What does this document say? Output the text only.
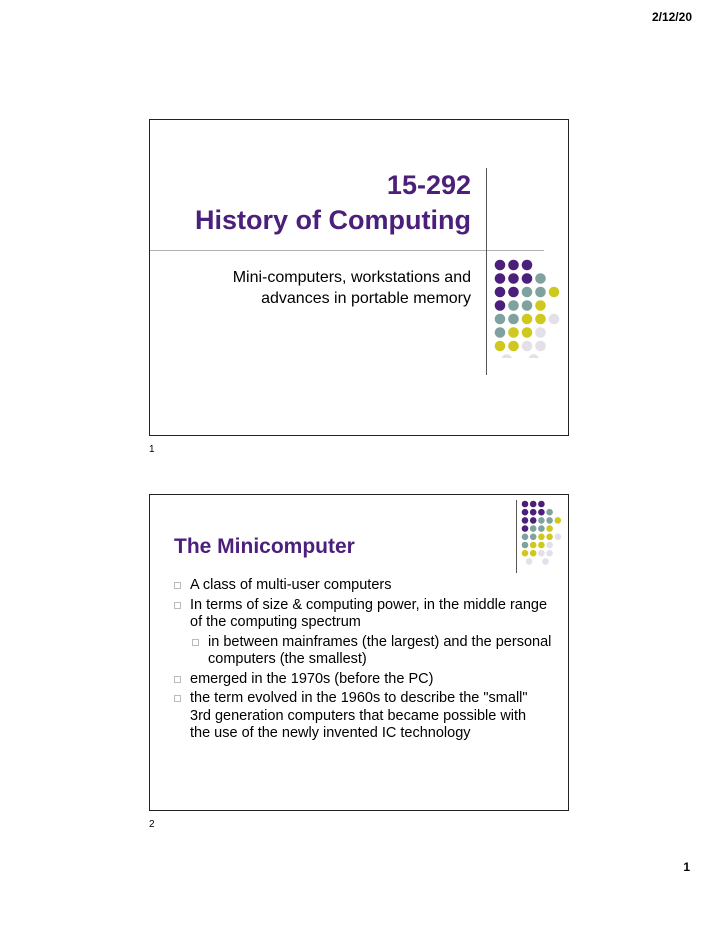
2/12/20
15-292
History of Computing
Mini-computers, workstations and
advances in portable memory
1
The Minicomputer
A class of multi-user computers
In terms of size & computing power, in the middle range of the computing spectrum
in between mainframes (the largest) and the personal computers (the smallest)
emerged in the 1970s (before the PC)
the term evolved in the 1960s to describe the "small" 3rd generation computers that became possible with the use of the newly invented IC technology
2
1
